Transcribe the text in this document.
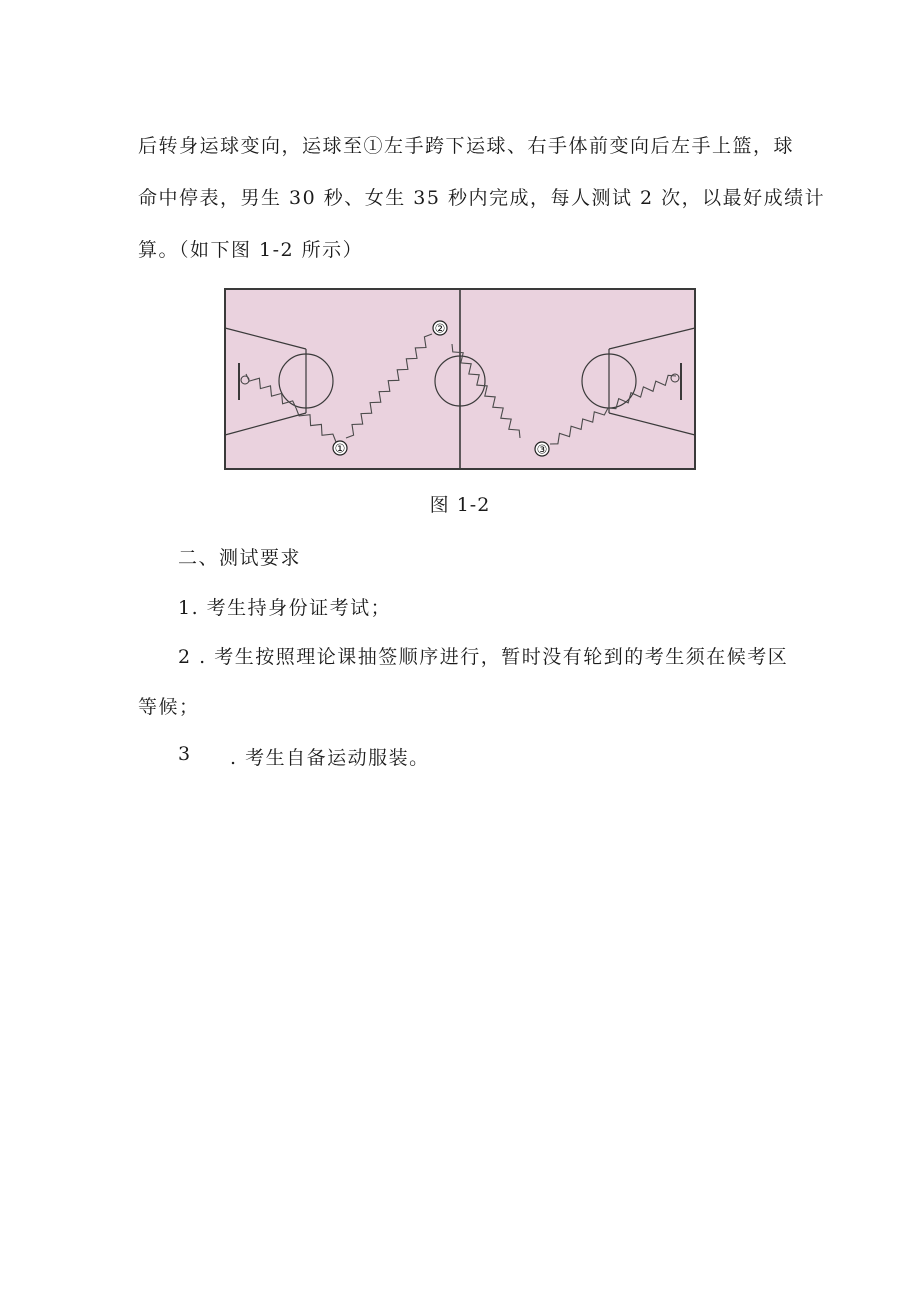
后转身运球变向，运球至①左手跨下运球、右手体前变向后左手上篮，球
命中停表，男生 30 秒、女生 35 秒内完成，每人测试 2 次，以最好成绩计
算。（如下图 1-2 所示）
①
②
③
图 1-2
二、测试要求
1. 考生持身份证考试；
2 . 考生按照理论课抽签顺序进行，暂时没有轮到的考生须在候考区
等候；
3 . 考生自备运动服装。
